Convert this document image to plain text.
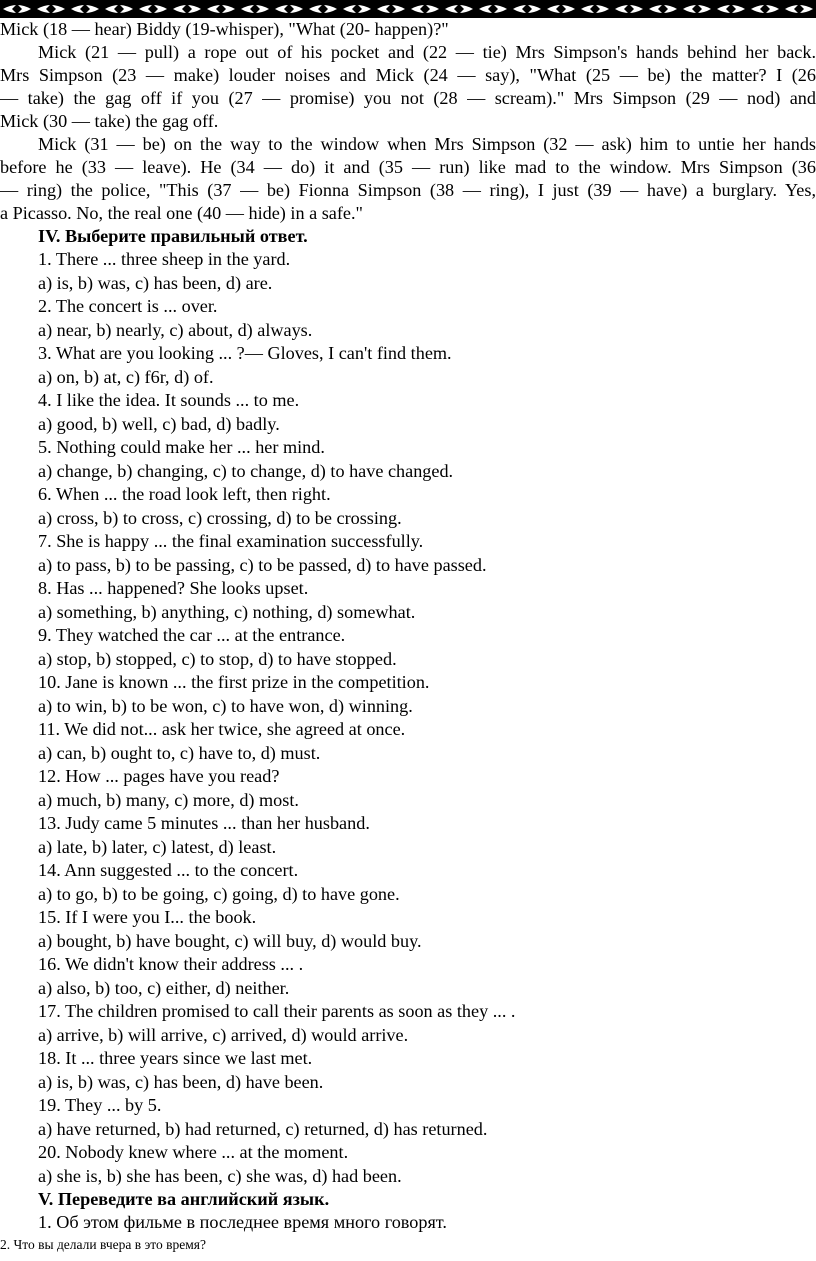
Mick (18 — hear) Biddy (19-whisper), "What (20- happen)?"
Mick (21 — pull) a rope out of his pocket and (22 — tie) Mrs Simpson's hands behind her back.
Mrs Simpson (23 — make) louder noises and Mick (24 — say), "What (25 — be) the matter? I (26
— take) the gag off if you (27 — promise) you not (28 — scream)." Mrs Simpson (29 — nod) and
Mick (30 — take) the gag off.
Mick (31 — be) on the way to the window when Mrs Simpson (32 — ask) him to untie her hands
before he (33 — leave). He (34 — do) it and (35 — run) like mad to the window. Mrs Simpson (36
— ring) the police, "This (37 — be) Fionna Simpson (38 — ring), I just (39 — have) a burglary. Yes,
a Picasso. No, the real one (40 — hide) in a safe."
IV. Выберите правильный ответ.
1. There ... three sheep in the yard.
a) is, b) was, c) has been, d) are.
2. The concert is ... over.
a) near, b) nearly, c) about, d) always.
3. What are you looking ... ?— Gloves, I can't find them.
a) on, b) at, c) f6r, d) of.
4. I like the idea. It sounds ... to me.
a) good, b) well, c) bad, d) badly.
5. Nothing could make her ... her mind.
a) change, b) changing, c) to change, d) to have changed.
6. When ... the road look left, then right.
a) cross, b) to cross, c) crossing, d) to be crossing.
7. She is happy ... the final examination successfully.
a) to pass, b) to be passing, c) to be passed, d) to have passed.
8. Has ... happened? She looks upset.
a) something, b) anything, c) nothing, d) somewhat.
9. They watched the car ... at the entrance.
a) stop, b) stopped, c) to stop, d) to have stopped.
10. Jane is known ... the first prize in the competition.
a) to win, b) to be won, c) to have won, d) winning.
11. We did not... ask her twice, she agreed at once.
a) can, b) ought to, c) have to, d) must.
12. How ... pages have you read?
a) much, b) many, c) more, d) most.
13. Judy came 5 minutes ... than her husband.
a) late, b) later, c) latest, d) least.
14. Ann suggested ... to the concert.
a) to go, b) to be going, c) going, d) to have gone.
15. If I were you I... the book.
a) bought, b) have bought, c) will buy, d) would buy.
16. We didn't know their address ... .
a) also, b) too, c) either, d) neither.
17. The children promised to call their parents as soon as they ... .
a) arrive, b) will arrive, c) arrived, d) would arrive.
18. It ... three years since we last met.
a) is, b) was, c) has been, d) have been.
19. They ... by 5.
a) have returned, b) had returned, c) returned, d) has returned.
20. Nobody knew where ... at the moment.
a) she is, b) she has been, c) she was, d) had been.
V. Переведите ва английский язык.
1. Об этом фильме в последнее время много говорят.
2. Что вы делали вчера в это время?
